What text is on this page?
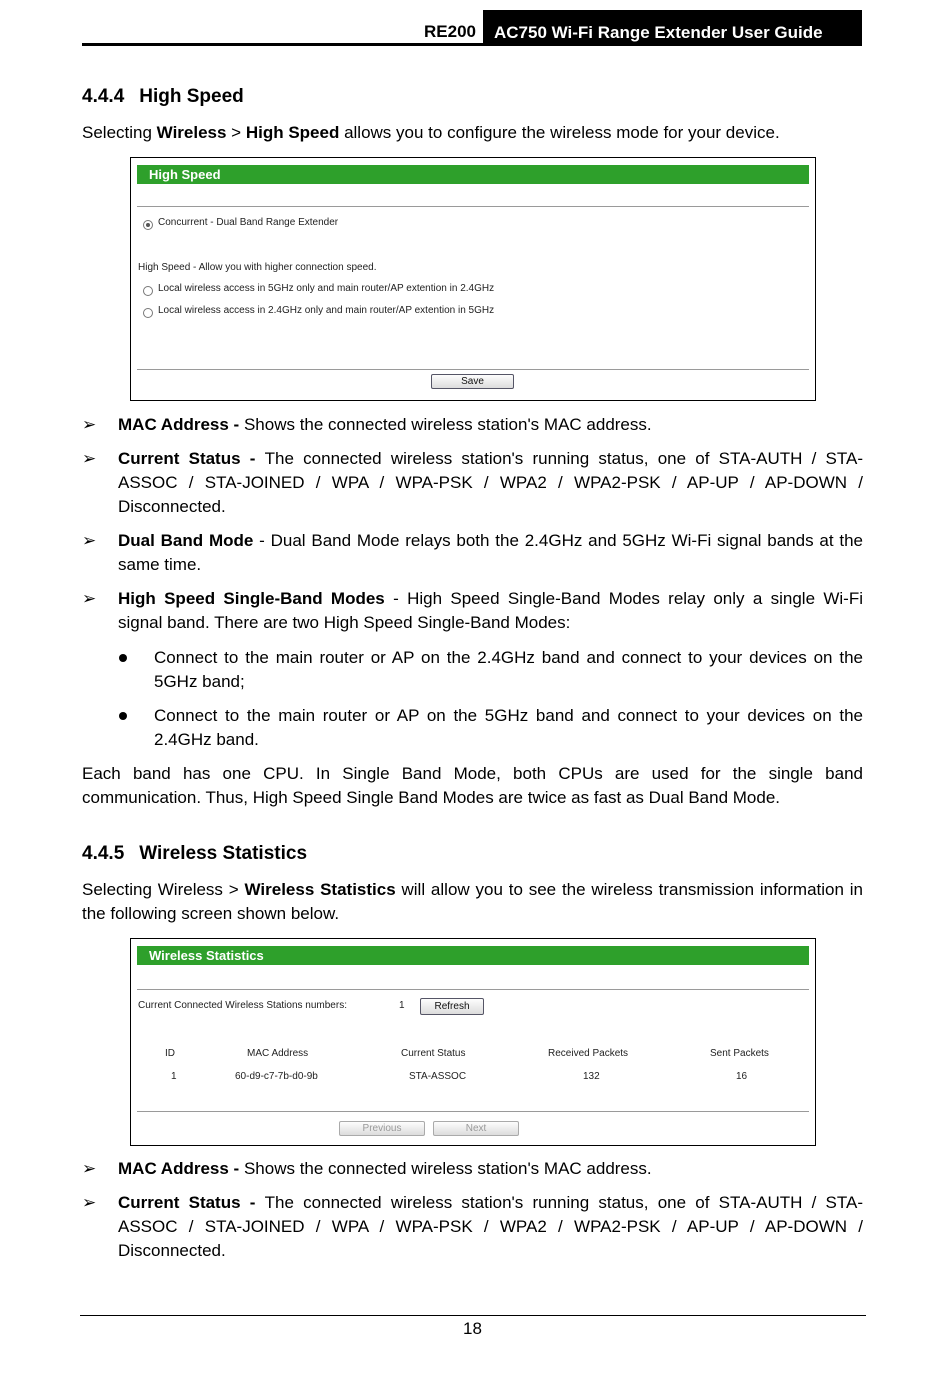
RE200	AC750 Wi-Fi Range Extender User Guide
4.4.4 High Speed
Selecting Wireless > High Speed allows you to configure the wireless mode for your device.
High Speed
Concurrent - Dual Band Range Extender
High Speed - Allow you with higher connection speed.
Local wireless access in 5GHz only and main router/AP extention in 2.4GHz
Local wireless access in 2.4GHz only and main router/AP extention in 5GHz
Save
➢ MAC Address - Shows the connected wireless station's MAC address.
➢ Current Status - The connected wireless station's running status, one of STA-AUTH / STA-ASSOC / STA-JOINED / WPA / WPA-PSK / WPA2 / WPA2-PSK / AP-UP / AP-DOWN / Disconnected.
➢ Dual Band Mode - Dual Band Mode relays both the 2.4GHz and 5GHz Wi-Fi signal bands at the same time.
➢ High Speed Single-Band Modes - High Speed Single-Band Modes relay only a single Wi-Fi signal band. There are two High Speed Single-Band Modes:
Connect to the main router or AP on the 2.4GHz band and connect to your devices on the 5GHz band;
Connect to the main router or AP on the 5GHz band and connect to your devices on the 2.4GHz band.
Each band has one CPU. In Single Band Mode, both CPUs are used for the single band communication. Thus, High Speed Single Band Modes are twice as fast as Dual Band Mode.
4.4.5 Wireless Statistics
Selecting Wireless > Wireless Statistics will allow you to see the wireless transmission information in the following screen shown below.
Wireless Statistics
Current Connected Wireless Stations numbers:	1	Refresh
ID	MAC Address	Current Status	Received Packets	Sent Packets
1	60-d9-c7-7b-d0-9b	STA-ASSOC	132	16
Previous	Next
➢ MAC Address - Shows the connected wireless station's MAC address.
➢ Current Status - The connected wireless station's running status, one of STA-AUTH / STA-ASSOC / STA-JOINED / WPA / WPA-PSK / WPA2 / WPA2-PSK / AP-UP / AP-DOWN / Disconnected.
18
